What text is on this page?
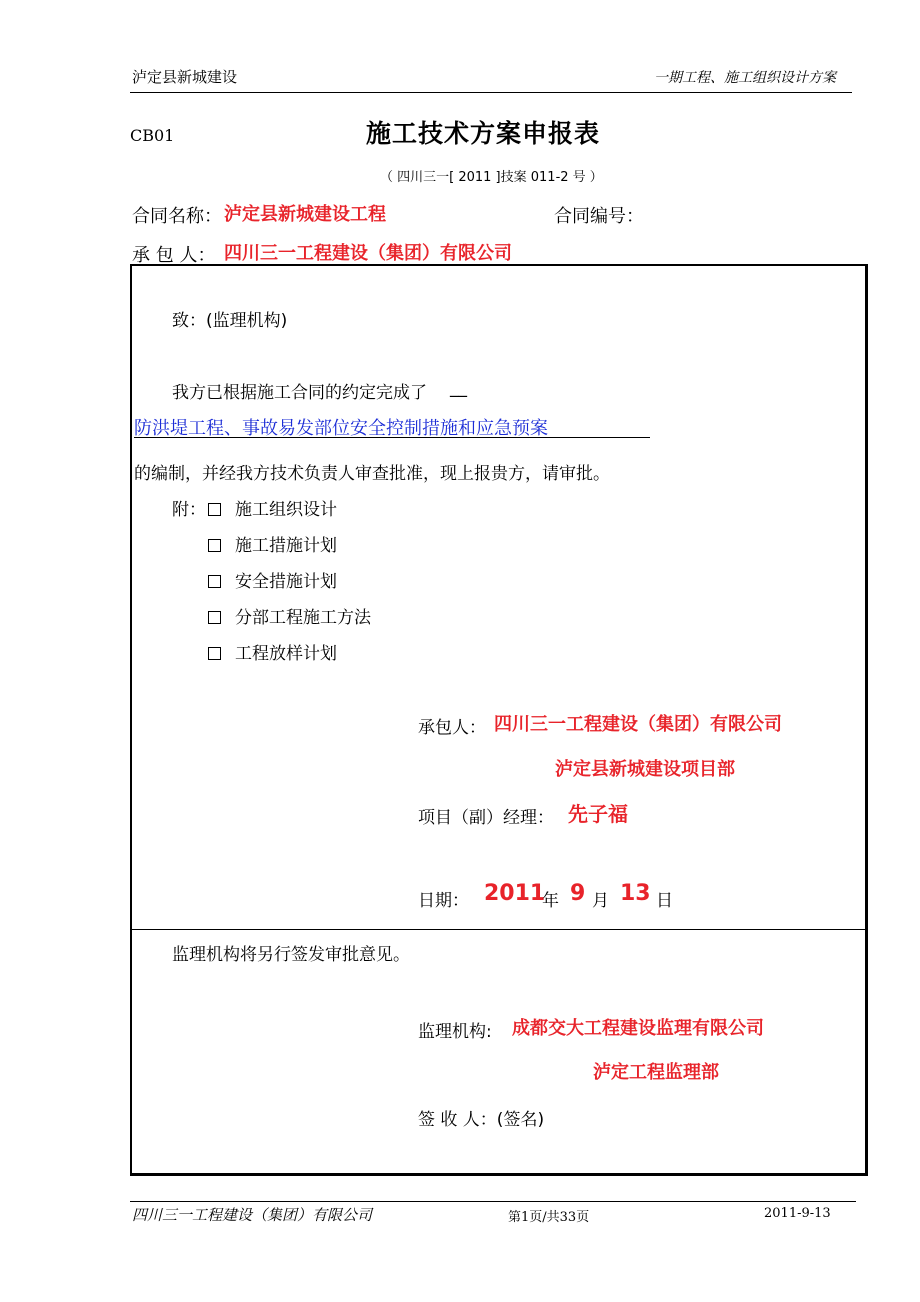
泸定县新城建设	一期工程、施工组织设计方案
CB01	施工技术方案申报表
（ 四川三一[ 2011 ]技案 011-2 号 ）
合同名称： 泸定县新城建设工程	合同编号：
承 包 人： 四川三一工程建设（集团）有限公司
致：(监理机构)
我方已根据施工合同的约定完成了 __
防洪堤工程、事故易发部位安全控制措施和应急预案
的编制，并经我方技术负责人审查批准，现上报贵方，请审批。
附：	施工组织设计
施工措施计划
安全措施计划
分部工程施工方法
工程放样计划
承包人： 四川三一工程建设（集团）有限公司
泸定县新城建设项目部
项目（副）经理： 先子福
日期： 2011
年 9 月 13 日
监理机构将另行签发审批意见。
监理机构: 成都交大工程建设监理有限公司
泸定工程监理部
签 收 人：(签名)
四川三一工程建设（集团）有限公司	第1页/共33页	2011-9-13
